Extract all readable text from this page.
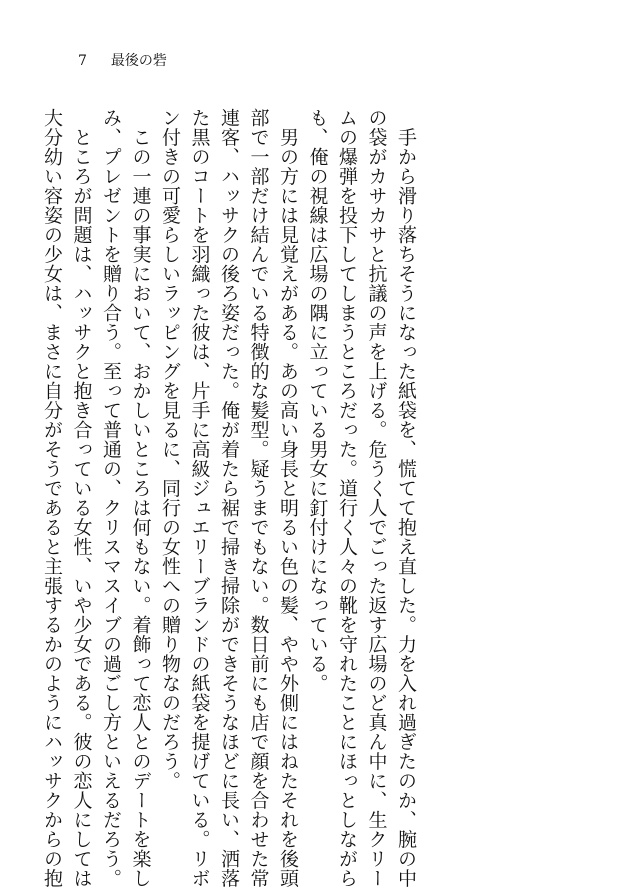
7 最後の砦
　手から滑り落ちそうになった紙袋を、慌てて抱え直した。力を入れ過ぎたのか、腕の中
の袋がカサカサと抗議の声を上げる。危うく人でごった返す広場のど真ん中に、生クリー
ムの爆弾を投下してしまうところだった。道行く人々の靴を守れたことにほっとしながら
も、俺の視線は広場の隅に立っている男女に釘付けになっている。
　男の方には見覚えがある。あの高い身長と明るい色の髪、やや外側にはねたそれを後頭
部で一部だけ結んでいる特徴的な髪型。疑うまでもない。数日前にも店で顔を合わせた常
連客、ハッサクの後ろ姿だった。俺が着たら裾で掃き掃除ができそうなほどに長い、洒落
た黒のコートを羽織った彼は、片手に高級ジュエリーブランドの紙袋を提げている。リボ
ン付きの可愛らしいラッピングを見るに、同行の女性への贈り物なのだろう。
　この一連の事実において、おかしいところは何もない。着飾って恋人とのデートを楽し
み、プレゼントを贈り合う。至って普通の、クリスマスイブの過ごし方といえるだろう。
　ところが問題は、ハッサクと抱き合っている女性、いや少女である。彼の恋人にしては
大分幼い容姿の少女は、まさに自分がそうであると主張するかのようにハッサクからの抱
